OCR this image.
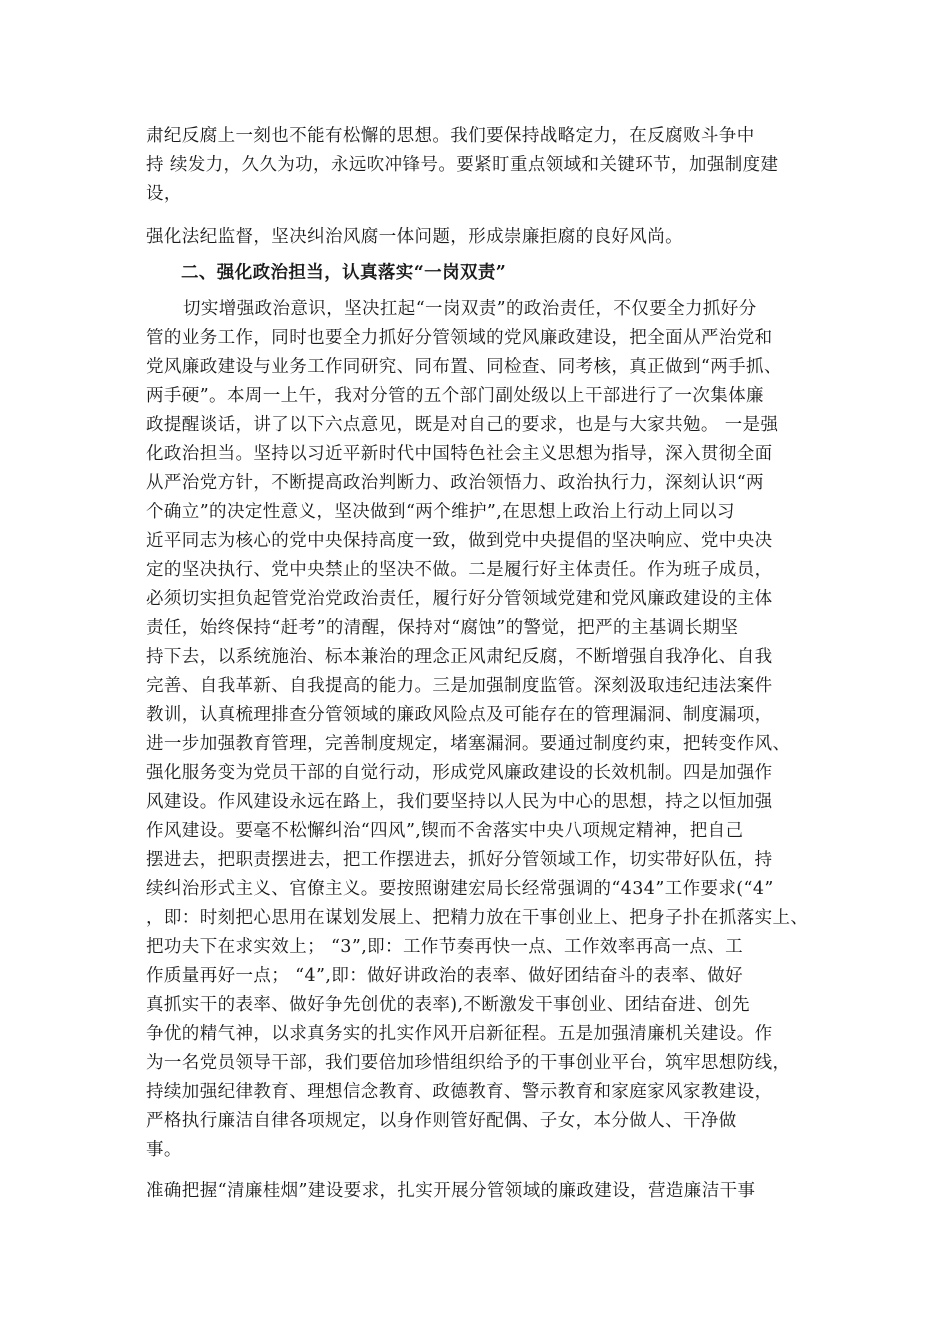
肃纪反腐上一刻也不能有松懈的思想。我们要保持战略定力，在反腐败斗争中
持 续发力，久久为功，永远吹冲锋号。要紧盯重点领域和关键环节，加强制度建
设，
强化法纪监督，坚决纠治风腐一体问题，形成崇廉拒腐的良好风尚。
二、强化政治担当，认真落实“一岗双责”
切实增强政治意识，坚决扛起“一岗双责”的政治责任，不仅要全力抓好分
管的业务工作，同时也要全力抓好分管领域的党风廉政建设，把全面从严治党和
党风廉政建设与业务工作同研究、同布置、同检查、同考核，真正做到“两手抓、
两手硬”。本周一上午，我对分管的五个部门副处级以上干部进行了一次集体廉
政提醒谈话，讲了以下六点意见，既是对自己的要求，也是与大家共勉。 一是强
化政治担当。坚持以习近平新时代中国特色社会主义思想为指导，深入贯彻全面
从严治党方针，不断提高政治判断力、政治领悟力、政治执行力，深刻认识“两
个确立”的决定性意义，坚决做到“两个维护”,在思想上政治上行动上同以习
近平同志为核心的党中央保持高度一致，做到党中央提倡的坚决响应、党中央决
定的坚决执行、党中央禁止的坚决不做。二是履行好主体责任。作为班子成员，
必须切实担负起管党治党政治责任，履行好分管领域党建和党风廉政建设的主体
责任，始终保持“赶考”的清醒，保持对“腐蚀”的警觉，把严的主基调长期坚
持下去，以系统施治、标本兼治的理念正风肃纪反腐，不断增强自我净化、自我
完善、自我革新、自我提高的能力。三是加强制度监管。深刻汲取违纪违法案件
教训，认真梳理排查分管领域的廉政风险点及可能存在的管理漏洞、制度漏项，
进一步加强教育管理，完善制度规定，堵塞漏洞。要通过制度约束，把转变作风、
强化服务变为党员干部的自觉行动，形成党风廉政建设的长效机制。四是加强作
风建设。作风建设永远在路上，我们要坚持以人民为中心的思想，持之以恒加强
作风建设。要毫不松懈纠治“四风”,锲而不舍落实中央八项规定精神，把自己
摆进去，把职责摆进去，把工作摆进去，抓好分管领域工作，切实带好队伍，持
续纠治形式主义、官僚主义。要按照谢建宏局长经常强调的“434”工作要求(“4”
，即：时刻把心思用在谋划发展上、把精力放在干事创业上、把身子扑在抓落实上、
把功夫下在求实效上； “3”,即：工作节奏再快一点、工作效率再高一点、工
作质量再好一点； “4”,即：做好讲政治的表率、做好团结奋斗的表率、做好
真抓实干的表率、做好争先创优的表率),不断激发干事创业、团结奋进、创先
争优的精气神，以求真务实的扎实作风开启新征程。五是加强清廉机关建设。作
为一名党员领导干部，我们要倍加珍惜组织给予的干事创业平台，筑牢思想防线，
持续加强纪律教育、理想信念教育、政德教育、警示教育和家庭家风家教建设，
严格执行廉洁自律各项规定，以身作则管好配偶、子女，本分做人、干净做
事。
准确把握“清廉桂烟”建设要求，扎实开展分管领域的廉政建设，营造廉洁干事
